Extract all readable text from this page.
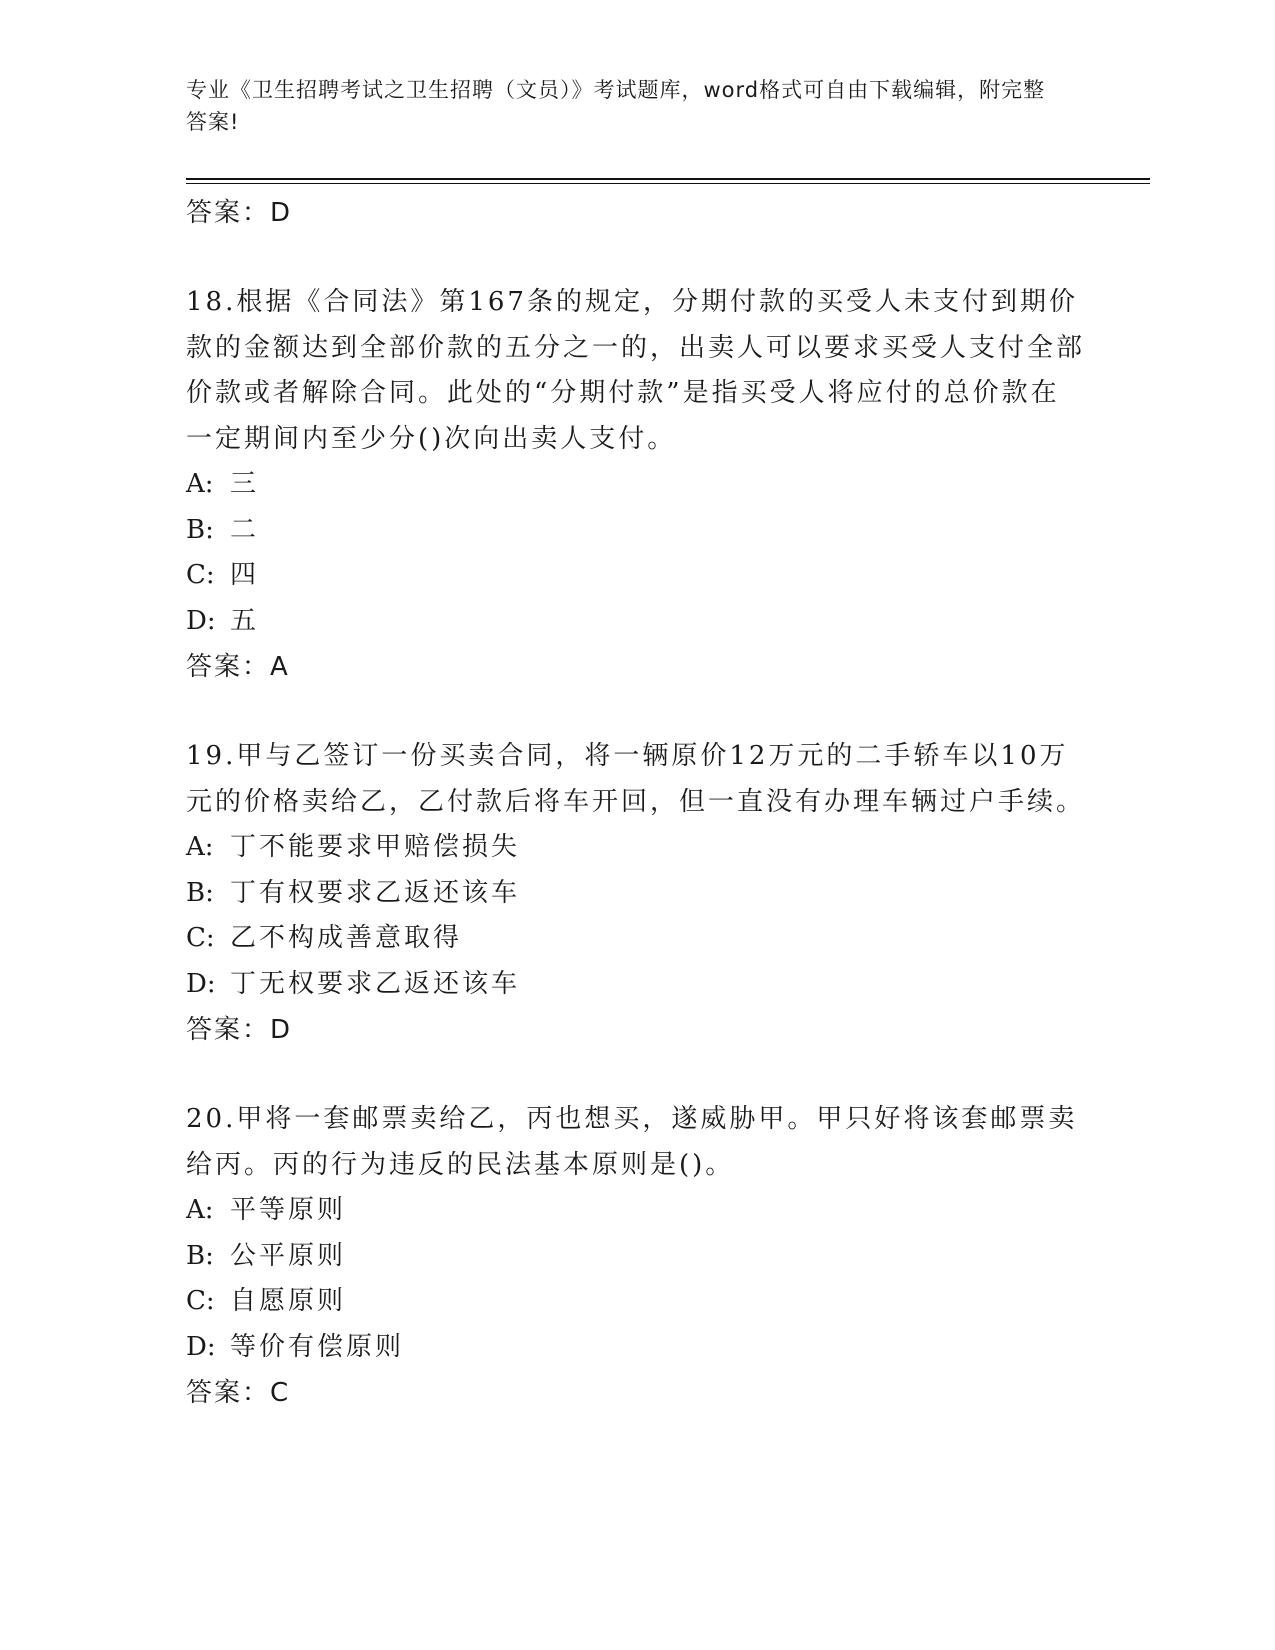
专业《卫生招聘考试之卫生招聘（文员）》考试题库，word格式可自由下载编辑，附完整答案!
答案：D
18.根据《合同法》第167条的规定，分期付款的买受人未支付到期价款的金额达到全部价款的五分之一的，出卖人可以要求买受人支付全部价款或者解除合同。此处的“分期付款”是指买受人将应付的总价款在一定期间内至少分()次向出卖人支付。
A: 三
B: 二
C: 四
D: 五
答案：A
19.甲与乙签订一份买卖合同，将一辆原价12万元的二手轿车以10万元的价格卖给乙，乙付款后将车开回，但一直没有办理车辆过户手续。
A: 丁不能要求甲赔偿损失
B: 丁有权要求乙返还该车
C: 乙不构成善意取得
D: 丁无权要求乙返还该车
答案：D
20.甲将一套邮票卖给乙，丙也想买，遂威胁甲。甲只好将该套邮票卖给丙。丙的行为违反的民法基本原则是()。
A: 平等原则
B: 公平原则
C: 自愿原则
D: 等价有偿原则
答案：C
